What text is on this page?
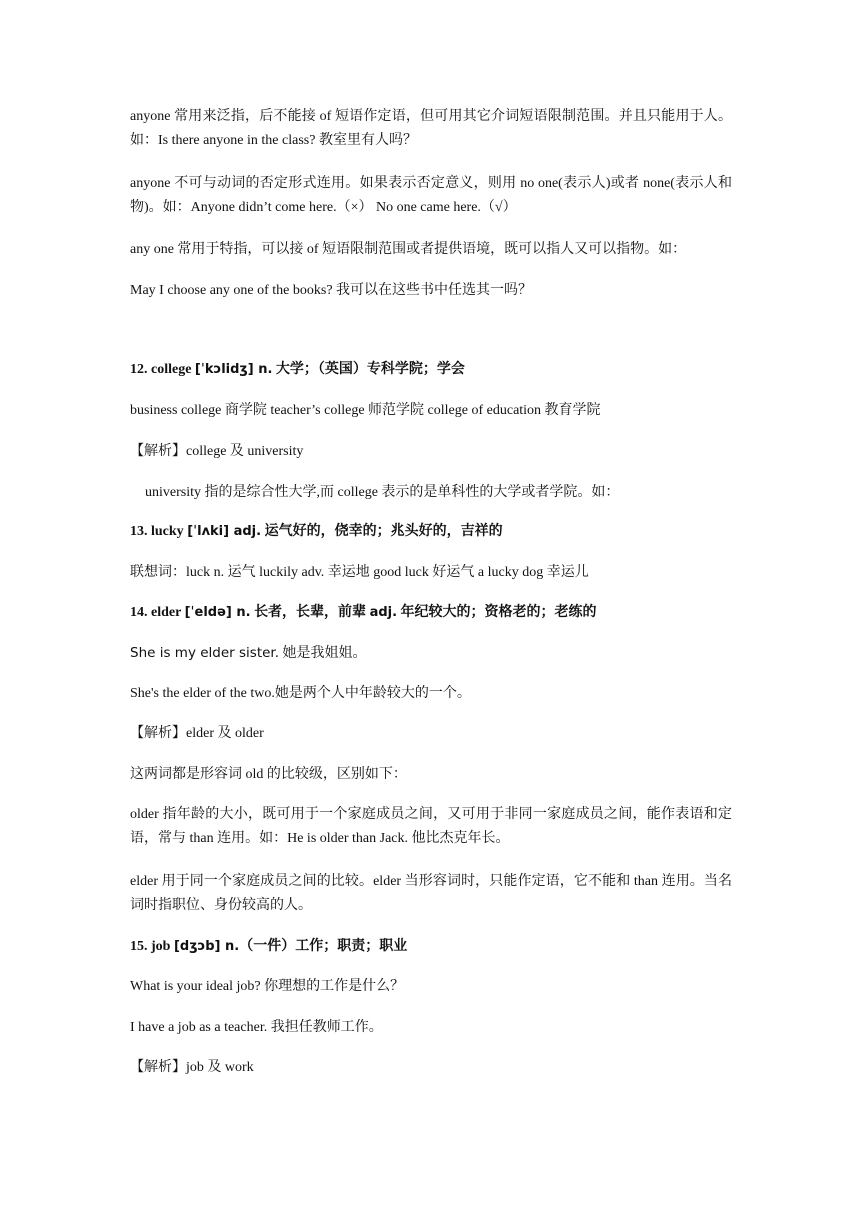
anyone 常用来泛指，后不能接 of 短语作定语，但可用其它介词短语限制范围。并且只能用于人。如：Is there anyone in the class? 教室里有人吗？
anyone 不可与动词的否定形式连用。如果表示否定意义，则用 no one(表示人)或者 none(表示人和物)。如：Anyone didn’t come here.（×） No one came here.（√）
any one 常用于特指，可以接 of 短语限制范围或者提供语境，既可以指人又可以指物。如：
May I choose any one of the books? 我可以在这些书中任选其一吗？
12. college [ˈkɔlidʒ] n. 大学；（英国）专科学院；学会
business college 商学院 teacher’s college 师范学院 college of education 教育学院
【解析】college 及 university
university 指的是综合性大学,而 college 表示的是单科性的大学或者学院。如：
13. lucky [ˈlʌki] adj. 运气好的，侥幸的；兆头好的，吉祥的
联想词：luck n. 运气 luckily adv. 幸运地 good luck 好运气 a lucky dog 幸运儿
14. elder [ˈeldə] n. 长者，长辈，前辈 adj. 年纪较大的；资格老的；老练的
She is my elder sister. 她是我姐姐。
She's the elder of the two.她是两个人中年龄较大的一个。
【解析】elder 及 older
这两词都是形容词 old 的比较级，区别如下：
older 指年龄的大小，既可用于一个家庭成员之间，又可用于非同一家庭成员之间，能作表语和定语，常与 than 连用。如：He is older than Jack. 他比杰克年长。
elder 用于同一个家庭成员之间的比较。elder 当形容词时，只能作定语，它不能和 than 连用。当名词时指职位、身份较高的人。
15. job [dʒɔb] n.（一件）工作；职责；职业
What is your ideal job? 你理想的工作是什么？
I have a job as a teacher. 我担任教师工作。
【解析】job 及 work
